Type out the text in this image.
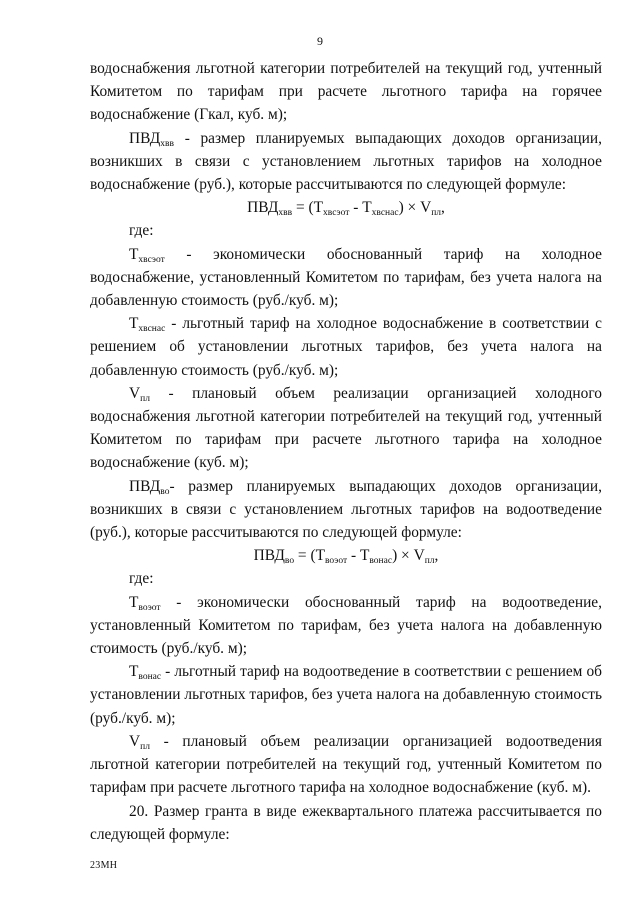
9

водоснабжения льготной категории потребителей на текущий год, учтенный Комитетом по тарифам при расчете льготного тарифа на горячее водоснабжение (Гкал, куб. м);

$ПВД_{хвв}$ - размер планируемых выпадающих доходов организации, возникших в связи с установлением льготных тарифов на холодное водоснабжение (руб.), которые рассчитываются по следующей формуле:

$ПВД_{хвв} = (Т_{хвсэот} - Т_{хвснас}) \times V_{пл}$,

где:

$Т_{хвсэот}$ - экономически обоснованный тариф на холодное водоснабжение, установленный Комитетом по тарифам, без учета налога на добавленную стоимость (руб./куб. м);

$Т_{хвснас}$ - льготный тариф на холодное водоснабжение в соответствии с решением об установлении льготных тарифов, без учета налога на добавленную стоимость (руб./куб. м);

$V_{пл}$ - плановый объем реализации организацией холодного водоснабжения льготной категории потребителей на текущий год, учтенный Комитетом по тарифам при расчете льготного тарифа на холодное водоснабжение (куб. м);

$ПВД_{во}-$ размер планируемых выпадающих доходов организации, возникших в связи с установлением льготных тарифов на водоотведение (руб.), которые рассчитываются по следующей формуле:

$ПВД_{во} = (Т_{воэот} - Т_{вонас}) \times V_{пл}$,

где:

$Т_{воэот}$ - экономически обоснованный тариф на водоотведение, установленный Комитетом по тарифам, без учета налога на добавленную стоимость (руб./куб. м);

$Т_{вонас}$ - льготный тариф на водоотведение в соответствии с решением об установлении льготных тарифов, без учета налога на добавленную стоимость (руб./куб. м);

$V_{пл}$ - плановый объем реализации организацией водоотведения льготной категории потребителей на текущий год, учтенный Комитетом по тарифам при расчете льготного тарифа на холодное водоснабжение (куб. м).

20. Размер гранта в виде ежеквартального платежа рассчитывается по следующей формуле:

23МН
